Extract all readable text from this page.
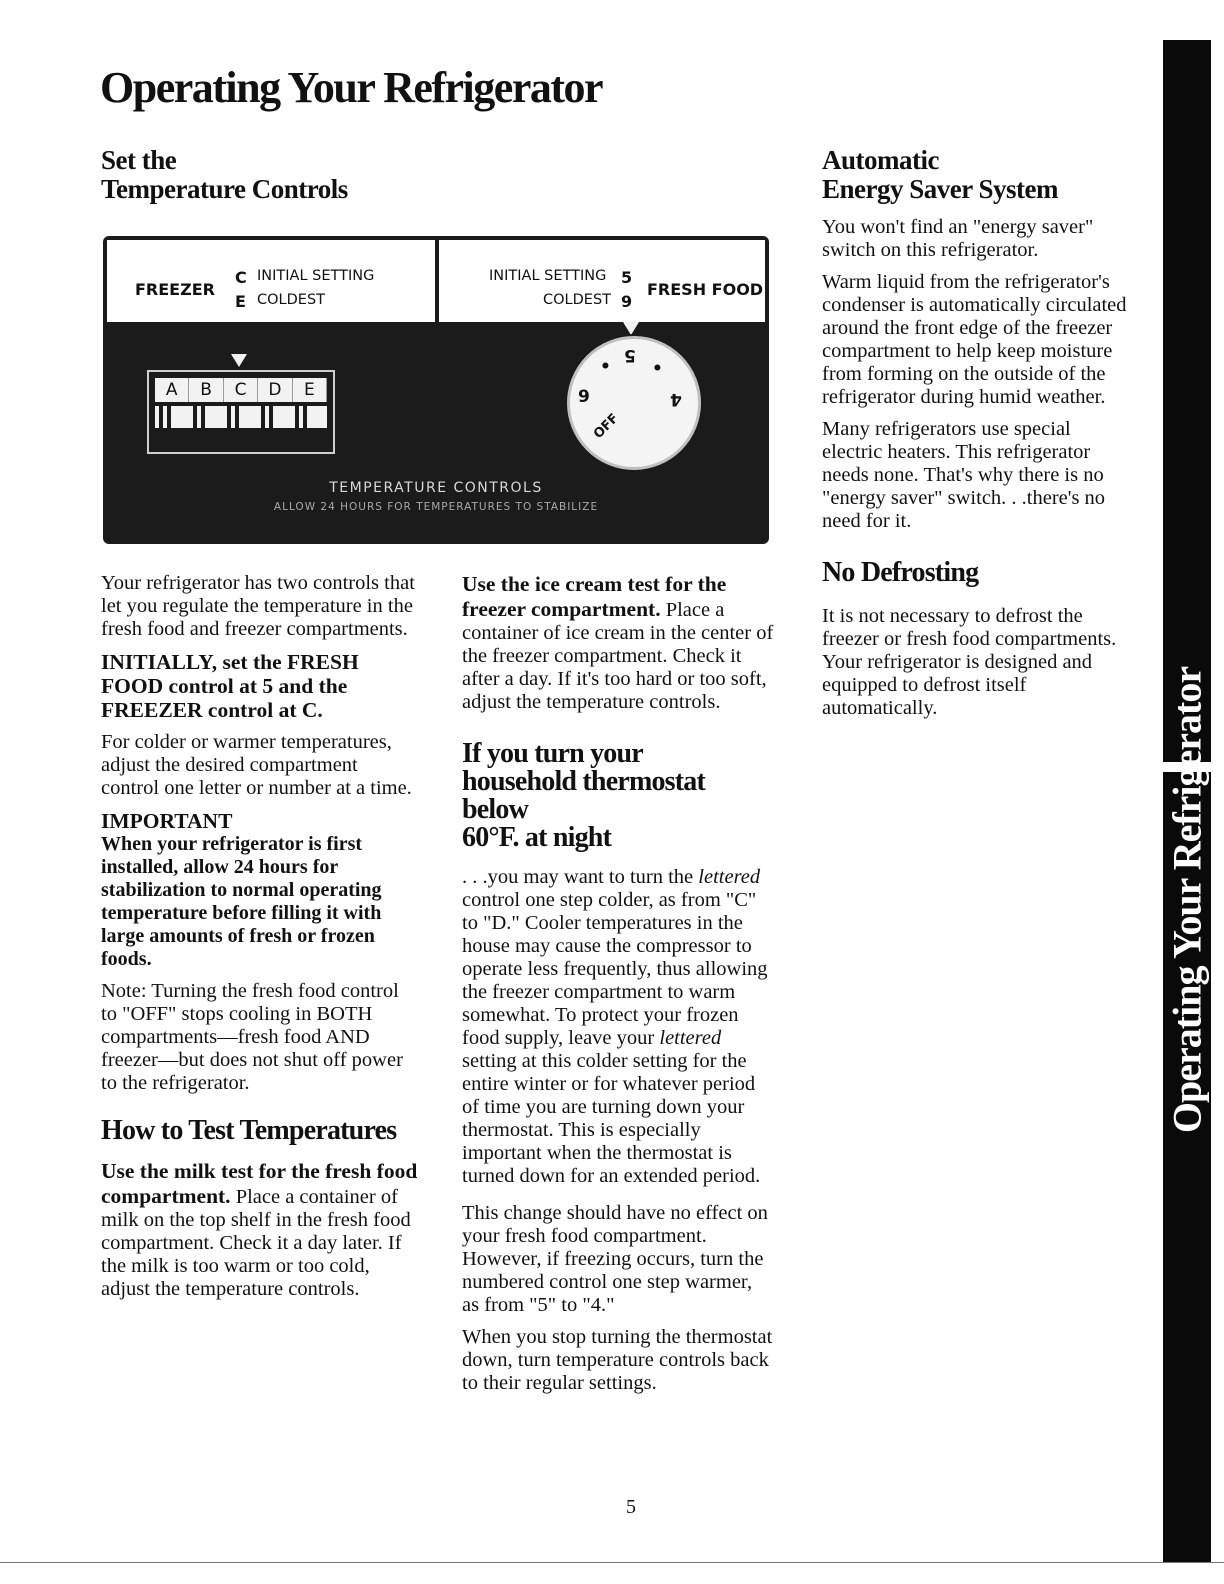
Operating Your Refrigerator
Set the
Temperature Controls
FREEZER
C INITIAL SETTING
E COLDEST
INITIAL SETTING 5
COLDEST 9
FRESH FOOD
A	B	C	D	E
5
4
OFF
9
• •
TEMPERATURE CONTROLS
ALLOW 24 HOURS FOR TEMPERATURES TO STABILIZE

Your refrigerator has two controls that let you regulate the temperature in the fresh food and freezer compartments.

INITIALLY, set the FRESH FOOD control at 5 and the FREEZER control at C.

For colder or warmer temperatures, adjust the desired compartment control one letter or number at a time.

IMPORTANT

When your refrigerator is first installed, allow 24 hours for stabilization to normal operating temperature before filling it with large amounts of fresh or frozen foods.

Note: Turning the fresh food control to "OFF" stops cooling in BOTH compartments—fresh food AND freezer—but does not shut off power to the refrigerator.

How to Test Temperatures

Use the milk test for the fresh food compartment. Place a container of milk on the top shelf in the fresh food compartment. Check it a day later. If the milk is too warm or too cold, adjust the temperature controls.

Use the ice cream test for the freezer compartment. Place a container of ice cream in the center of the freezer compartment. Check it after a day. If it's too hard or too soft, adjust the temperature controls.

If you turn your
household thermostat below
60°F. at night

. . .you may want to turn the lettered control one step colder, as from "C" to "D." Cooler temperatures in the house may cause the compressor to operate less frequently, thus allowing the freezer compartment to warm somewhat. To protect your frozen food supply, leave your lettered setting at this colder setting for the entire winter or for whatever period of time you are turning down your thermostat. This is especially important when the thermostat is turned down for an extended period.

This change should have no effect on your fresh food compartment. However, if freezing occurs, turn the numbered control one step warmer, as from "5" to "4."

When you stop turning the thermostat down, turn temperature controls back to their regular settings.

Automatic
Energy Saver System

You won't find an "energy saver" switch on this refrigerator.

Warm liquid from the refrigerator's condenser is automatically circulated around the front edge of the freezer compartment to help keep moisture from forming on the outside of the refrigerator during humid weather.

Many refrigerators use special electric heaters. This refrigerator needs none. That's why there is no "energy saver" switch. . .there's no need for it.

No Defrosting

It is not necessary to defrost the freezer or fresh food compartments. Your refrigerator is designed and equipped to defrost itself automatically.	Operating Your Refrigerator
5
